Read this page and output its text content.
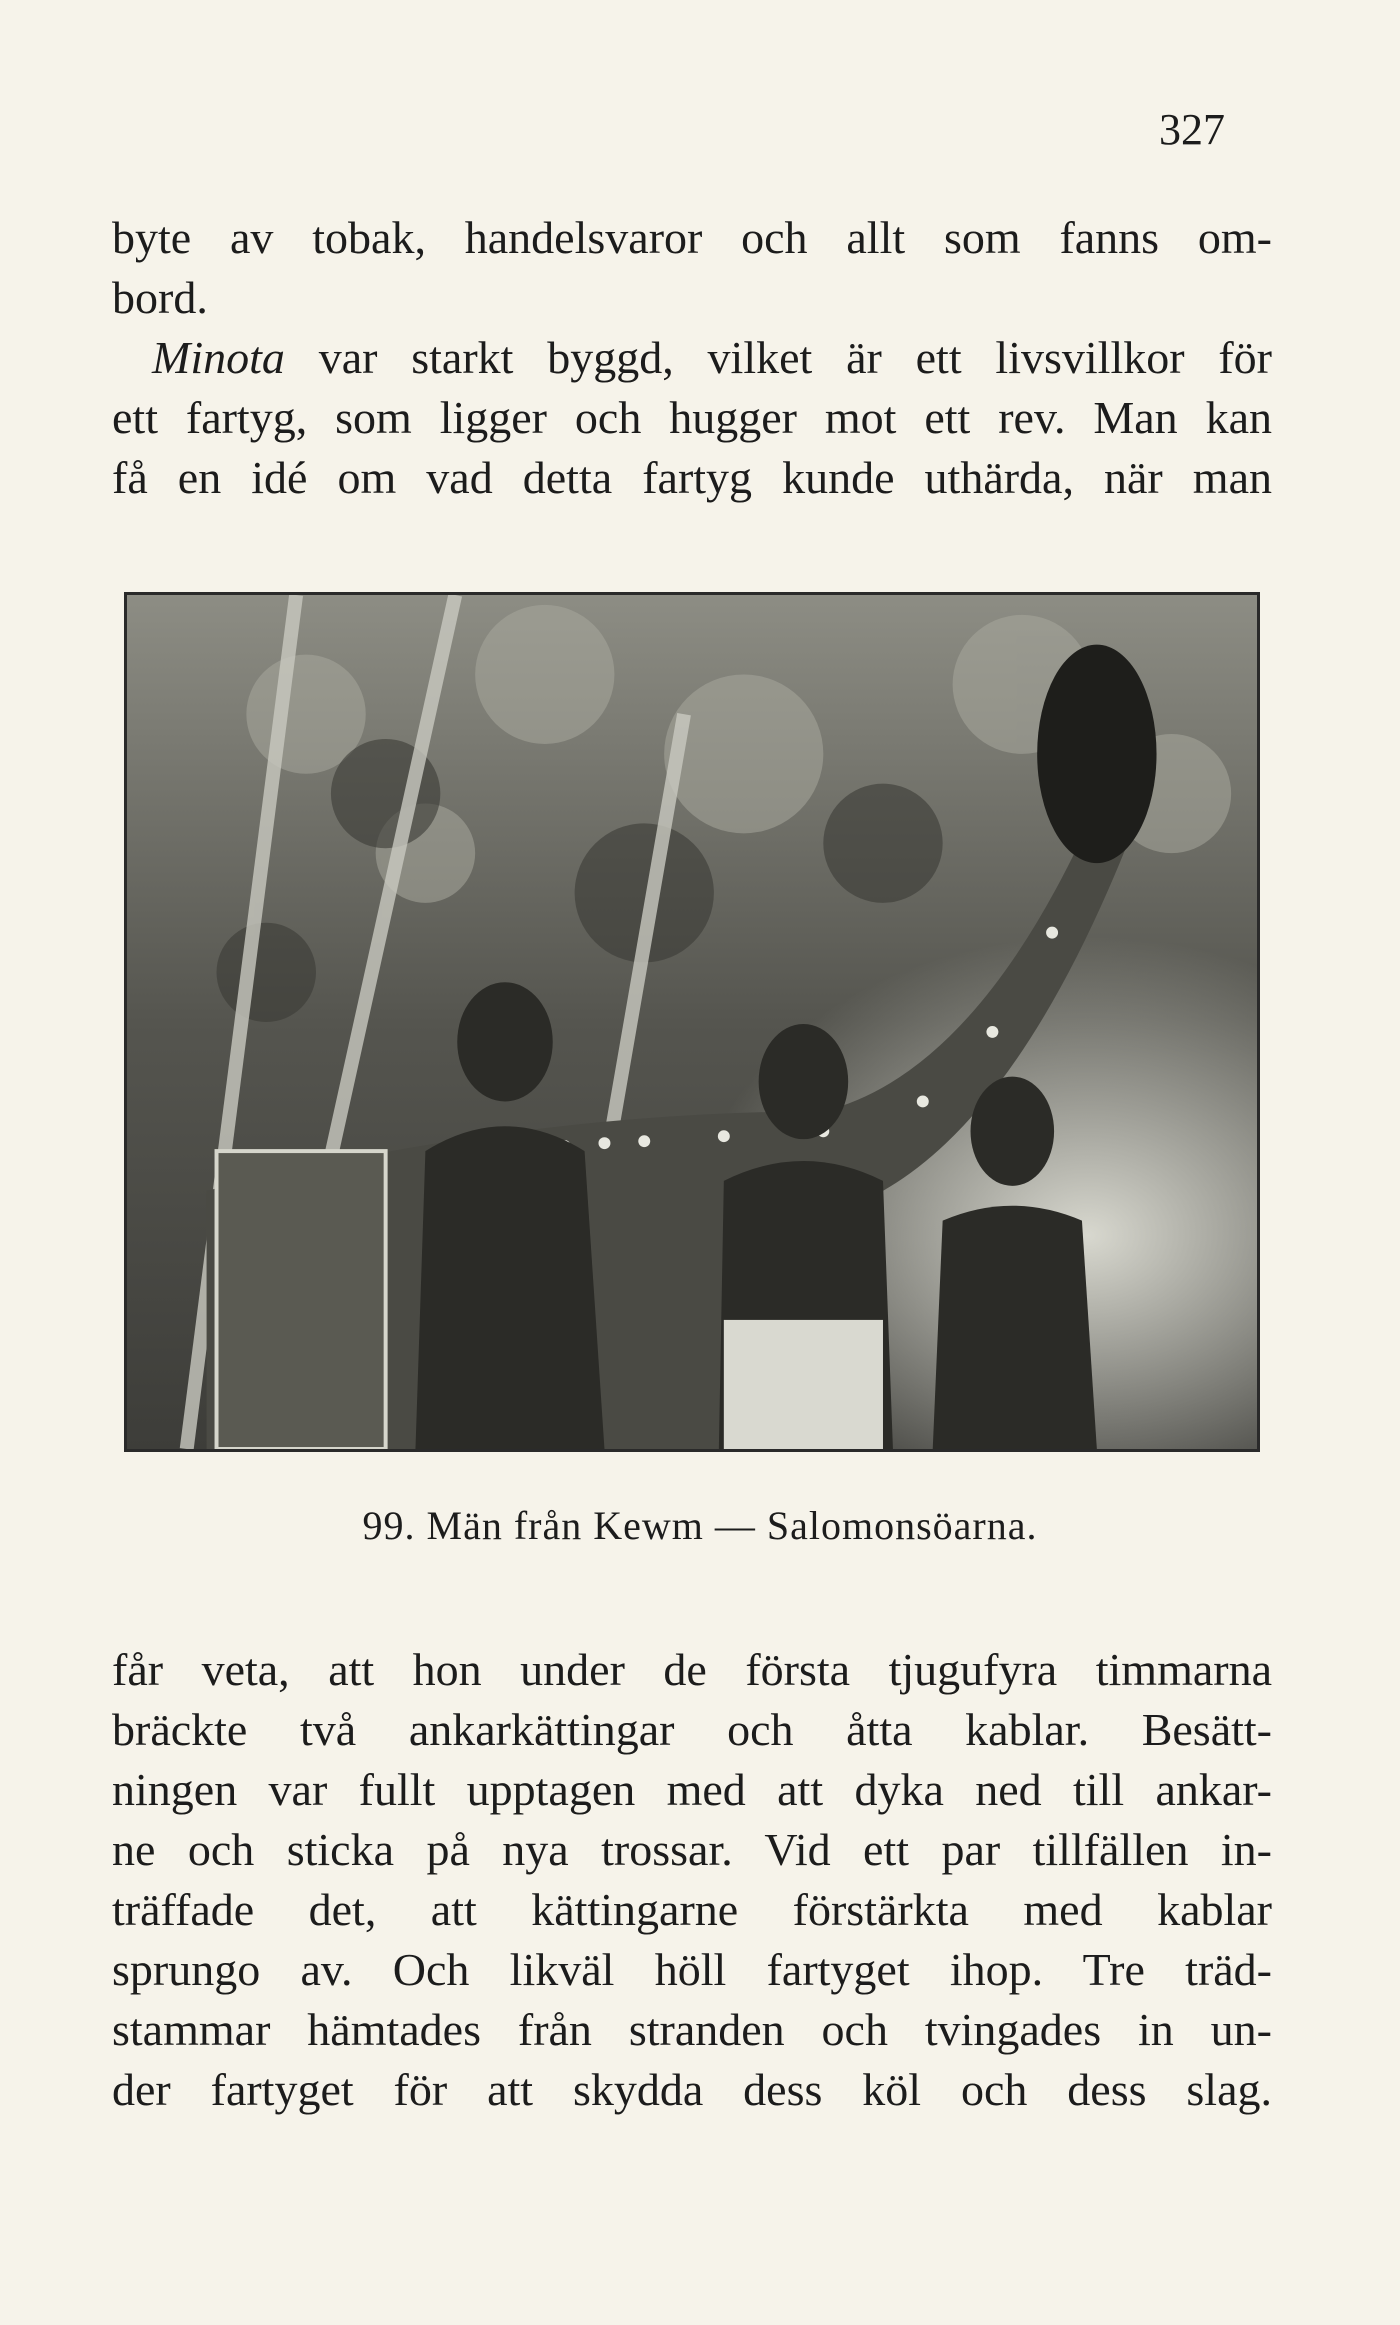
327
byte av tobak, handelsvaror och allt som fanns om-
bord.
Minota var starkt byggd, vilket är ett livsvillkor för
ett fartyg, som ligger och hugger mot ett rev. Man kan
få en idé om vad detta fartyg kunde uthärda, när man
99. Män från Kewm — Salomonsöarna.
får veta, att hon under de första tjugufyra timmarna
bräckte två ankarkättingar och åtta kablar. Besätt-
ningen var fullt upptagen med att dyka ned till ankar-
ne och sticka på nya trossar. Vid ett par tillfällen in-
träffade det, att kättingarne förstärkta med kablar
sprungo av. Och likväl höll fartyget ihop. Tre träd-
stammar hämtades från stranden och tvingades in un-
der fartyget för att skydda dess köl och dess slag.
